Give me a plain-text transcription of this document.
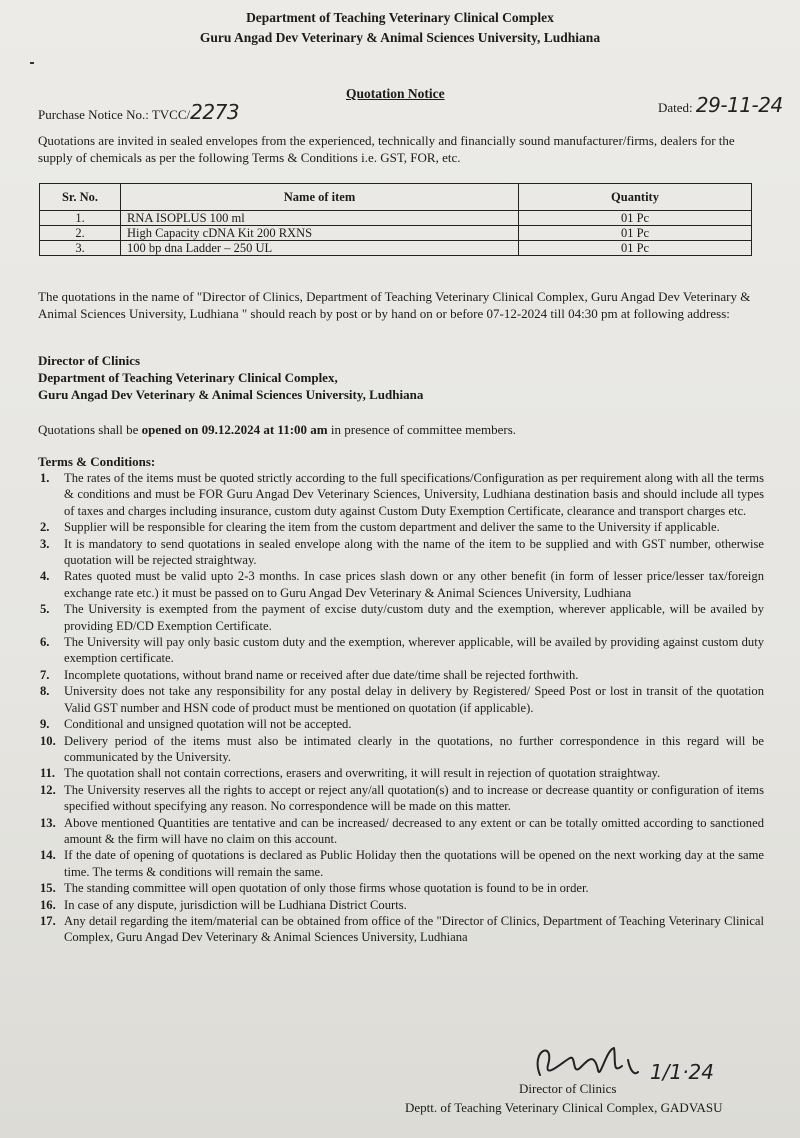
Department of Teaching Veterinary Clinical Complex
Guru Angad Dev Veterinary & Animal Sciences University, Ludhiana
Quotation Notice
Purchase Notice No.: TVCC/2273	Dated: 29-11-24
Quotations are invited in sealed envelopes from the experienced, technically and financially sound manufacturer/firms, dealers for the supply of chemicals as per the following Terms & Conditions i.e. GST, FOR, etc.
Sr. No.	Name of item	Quantity
1.	RNA ISOPLUS 100 ml	01 Pc
2.	High Capacity cDNA Kit 200 RXNS	01 Pc
3.	100 bp dna Ladder – 250 UL	01 Pc
The quotations in the name of "Director of Clinics, Department of Teaching Veterinary Clinical Complex, Guru Angad Dev Veterinary & Animal Sciences University, Ludhiana " should reach by post or by hand on or before 07-12-2024 till 04:30 pm at following address:
Director of Clinics
Department of Teaching Veterinary Clinical Complex,
Guru Angad Dev Veterinary & Animal Sciences University, Ludhiana
Quotations shall be opened on 09.12.2024 at 11:00 am in presence of committee members.
Terms & Conditions:
1. The rates of the items must be quoted strictly according to the full specifications/Configuration as per requirement along with all the terms & conditions and must be FOR Guru Angad Dev Veterinary Sciences, University, Ludhiana destination basis and should include all types of taxes and charges including insurance, custom duty against Custom Duty Exemption Certificate, clearance and transport charges etc.
2. Supplier will be responsible for clearing the item from the custom department and deliver the same to the University if applicable.
3. It is mandatory to send quotations in sealed envelope along with the name of the item to be supplied and with GST number, otherwise quotation will be rejected straightway.
4. Rates quoted must be valid upto 2-3 months. In case prices slash down or any other benefit (in form of lesser price/lesser tax/foreign exchange rate etc.) it must be passed on to Guru Angad Dev Veterinary & Animal Sciences University, Ludhiana
5. The University is exempted from the payment of excise duty/custom duty and the exemption, wherever applicable, will be availed by providing ED/CD Exemption Certificate.
6. The University will pay only basic custom duty and the exemption, wherever applicable, will be availed by providing against custom duty exemption certificate.
7. Incomplete quotations, without brand name or received after due date/time shall be rejected forthwith.
8. University does not take any responsibility for any postal delay in delivery by Registered/ Speed Post or lost in transit of the quotation Valid GST number and HSN code of product must be mentioned on quotation (if applicable).
9. Conditional and unsigned quotation will not be accepted.
10. Delivery period of the items must also be intimated clearly in the quotations, no further correspondence in this regard will be communicated by the University.
11. The quotation shall not contain corrections, erasers and overwriting, it will result in rejection of quotation straightway.
12. The University reserves all the rights to accept or reject any/all quotation(s) and to increase or decrease quantity or configuration of items specified without specifying any reason. No correspondence will be made on this matter.
13. Above mentioned Quantities are tentative and can be increased/ decreased to any extent or can be totally omitted according to sanctioned amount & the firm will have no claim on this account.
14. If the date of opening of quotations is declared as Public Holiday then the quotations will be opened on the next working day at the same time. The terms & conditions will remain the same.
15. The standing committee will open quotation of only those firms whose quotation is found to be in order.
16. In case of any dispute, jurisdiction will be Ludhiana District Courts.
17. Any detail regarding the item/material can be obtained from office of the "Director of Clinics, Department of Teaching Veterinary Clinical Complex, Guru Angad Dev Veterinary & Animal Sciences University, Ludhiana
1/1·24
Director of Clinics
Deptt. of Teaching Veterinary Clinical Complex, GADVASU
